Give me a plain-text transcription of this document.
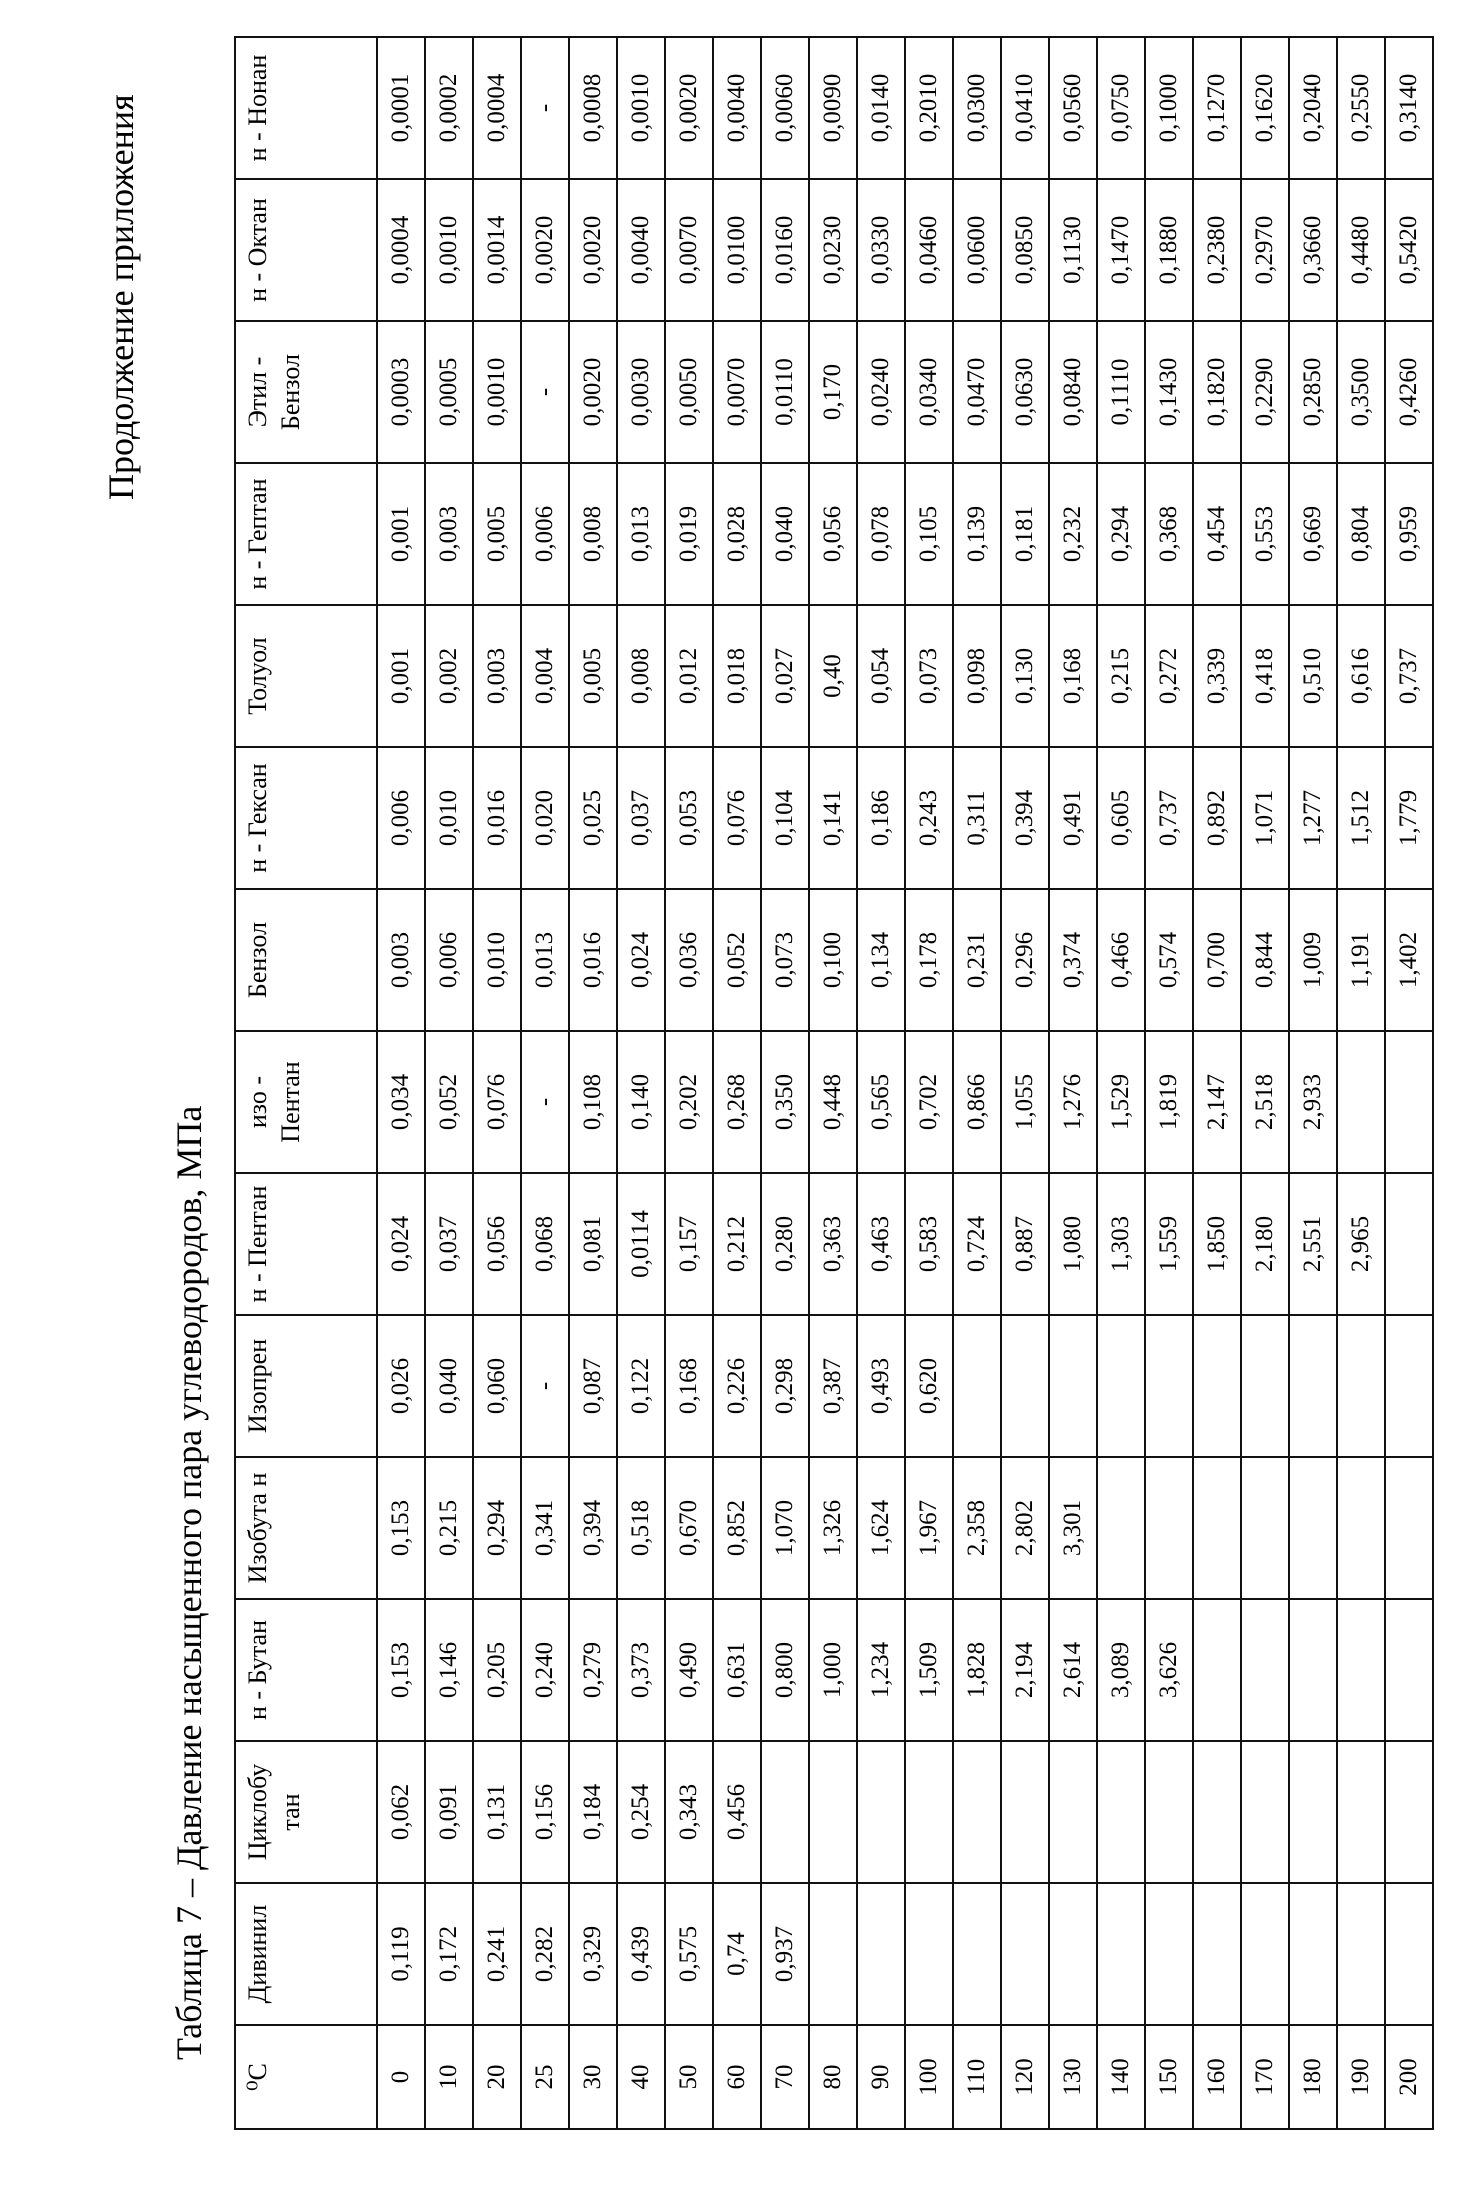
Продолжение приложения
Таблица 7 – Давление насыщенного пара углеводородов, МПа
⁰С	Дивинил	Циклобу тан	н - Бутан	Изобута н	Изопрен	н - Пентан	изо - Пентан	Бензол	н - Гексан	Толуол	н - Гептан	Этил - Бензол	н - Октан	н - Нонан
0	0,119	0,062	0,153	0,153	0,026	0,024	0,034	0,003	0,006	0,001	0,001	0,0003	0,0004	0,0001
10	0,172	0,091	0,146	0,215	0,040	0,037	0,052	0,006	0,010	0,002	0,003	0,0005	0,0010	0,0002
20	0,241	0,131	0,205	0,294	0,060	0,056	0,076	0,010	0,016	0,003	0,005	0,0010	0,0014	0,0004
25	0,282	0,156	0,240	0,341	-	0,068	-	0,013	0,020	0,004	0,006	-	0,0020	-
30	0,329	0,184	0,279	0,394	0,087	0,081	0,108	0,016	0,025	0,005	0,008	0,0020	0,0020	0,0008
40	0,439	0,254	0,373	0,518	0,122	0,0114	0,140	0,024	0,037	0,008	0,013	0,0030	0,0040	0,0010
50	0,575	0,343	0,490	0,670	0,168	0,157	0,202	0,036	0,053	0,012	0,019	0,0050	0,0070	0,0020
60	0,74	0,456	0,631	0,852	0,226	0,212	0,268	0,052	0,076	0,018	0,028	0,0070	0,0100	0,0040
70	0,937		0,800	1,070	0,298	0,280	0,350	0,073	0,104	0,027	0,040	0,0110	0,0160	0,0060
80			1,000	1,326	0,387	0,363	0,448	0,100	0,141	0,40	0,056	0,170	0,0230	0,0090
90			1,234	1,624	0,493	0,463	0,565	0,134	0,186	0,054	0,078	0,0240	0,0330	0,0140
100			1,509	1,967	0,620	0,583	0,702	0,178	0,243	0,073	0,105	0,0340	0,0460	0,2010
110			1,828	2,358		0,724	0,866	0,231	0,311	0,098	0,139	0,0470	0,0600	0,0300
120			2,194	2,802		0,887	1,055	0,296	0,394	0,130	0,181	0,0630	0,0850	0,0410
130			2,614	3,301		1,080	1,276	0,374	0,491	0,168	0,232	0,0840	0,1130	0,0560
140			3,089			1,303	1,529	0,466	0,605	0,215	0,294	0,1110	0,1470	0,0750
150			3,626			1,559	1,819	0,574	0,737	0,272	0,368	0,1430	0,1880	0,1000
160						1,850	2,147	0,700	0,892	0,339	0,454	0,1820	0,2380	0,1270
170						2,180	2,518	0,844	1,071	0,418	0,553	0,2290	0,2970	0,1620
180						2,551	2,933	1,009	1,277	0,510	0,669	0,2850	0,3660	0,2040
190						2,965		1,191	1,512	0,616	0,804	0,3500	0,4480	0,2550
200								1,402	1,779	0,737	0,959	0,4260	0,5420	0,3140
